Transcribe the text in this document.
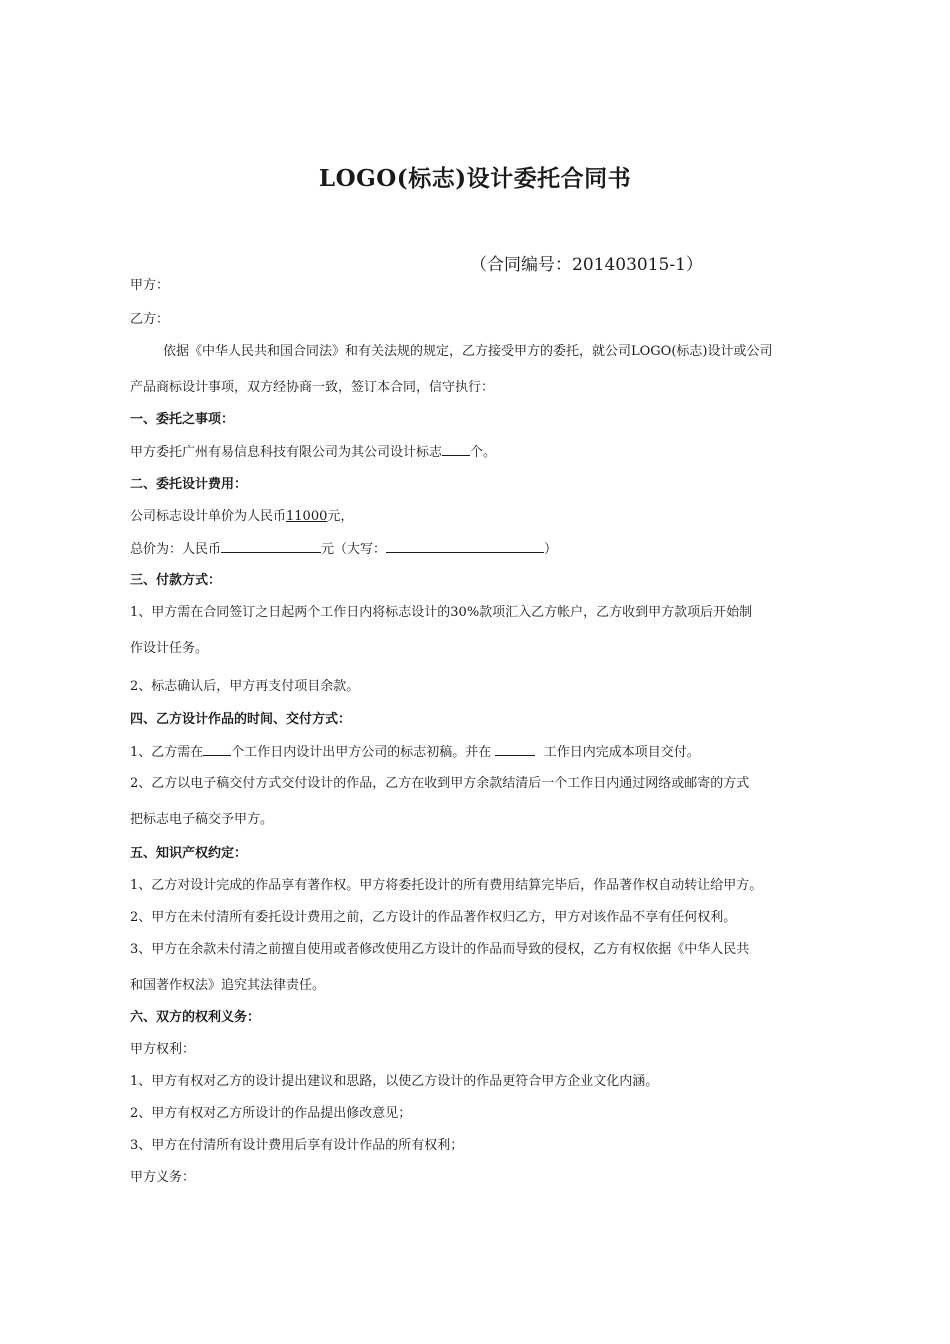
LOGO(标志)设计委托合同书
（合同编号：201403015-1）
甲方：
乙方：
依据《中华人民共和国合同法》和有关法规的规定，乙方接受甲方的委托，就公司LOGO(标志)设计或公司
产品商标设计事项，双方经协商一致，签订本合同，信守执行：
一、委托之事项：
甲方委托广州有易信息科技有限公司为其公司设计标志 个。
二、委托设计费用：
公司标志设计单价为人民币11000元，
总价为：人民币	元（大写：	）
三、付款方式：
1、甲方需在合同签订之日起两个工作日内将标志设计的30%款项汇入乙方帐户，乙方收到甲方款项后开始制
作设计任务。
2、标志确认后，甲方再支付项目余款。
四、乙方设计作品的时间、交付方式：
1、乙方需在 个工作日内设计出甲方公司的标志初稿。并在	工作日内完成本项目交付。
2、乙方以电子稿交付方式交付设计的作品，乙方在收到甲方余款结清后一个工作日内通过网络或邮寄的方式
把标志电子稿交予甲方。
五、知识产权约定：
1、乙方对设计完成的作品享有著作权。甲方将委托设计的所有费用结算完毕后，作品著作权自动转让给甲方。
2、甲方在未付清所有委托设计费用之前，乙方设计的作品著作权归乙方，甲方对该作品不享有任何权利。
3、甲方在余款未付清之前擅自使用或者修改使用乙方设计的作品而导致的侵权，乙方有权依据《中华人民共
和国著作权法》追究其法律责任。
六、双方的权利义务：
甲方权利：
1、甲方有权对乙方的设计提出建议和思路，以使乙方设计的作品更符合甲方企业文化内涵。
2、甲方有权对乙方所设计的作品提出修改意见；
3、甲方在付清所有设计费用后享有设计作品的所有权利；
甲方义务：
